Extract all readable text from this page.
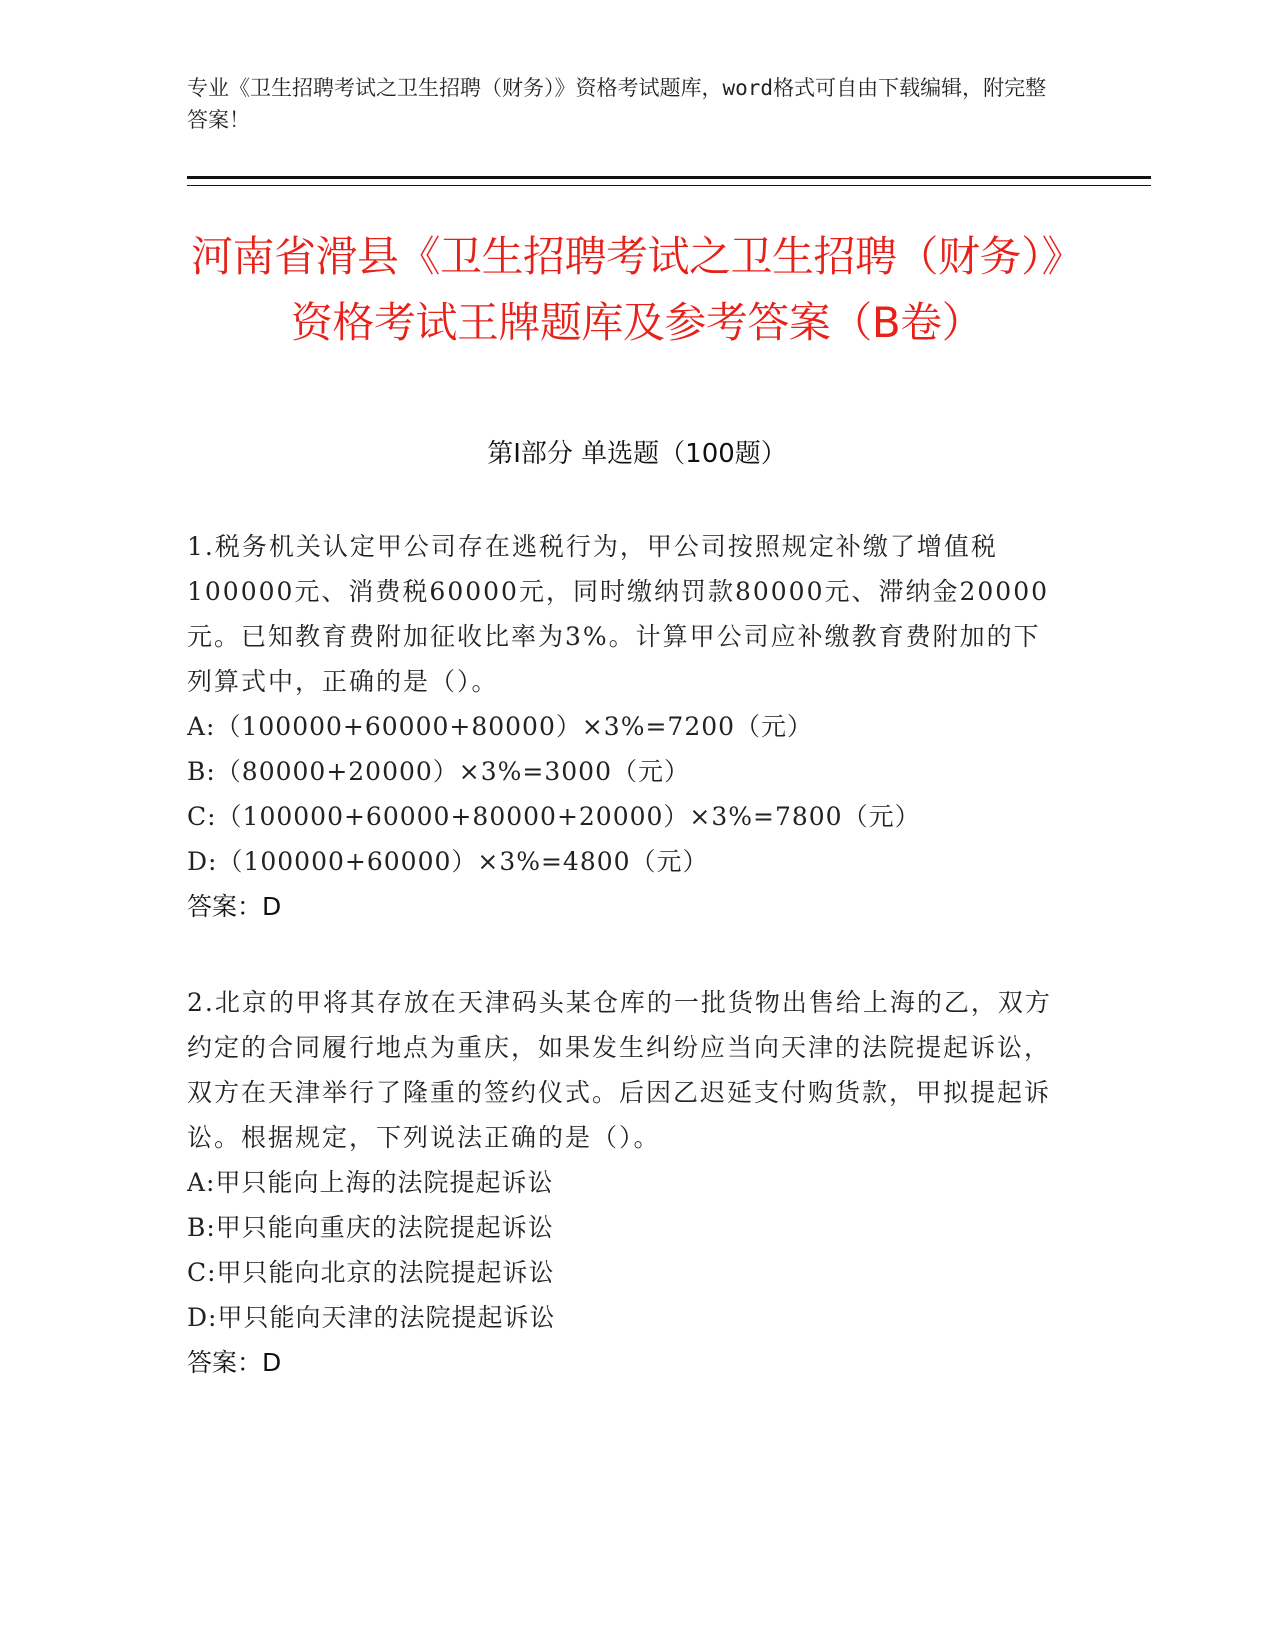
专业《卫生招聘考试之卫生招聘（财务）》资格考试题库，word格式可自由下载编辑，附完整答案！
河南省滑县《卫生招聘考试之卫生招聘（财务）》资格考试王牌题库及参考答案（B卷）
第Ⅰ部分 单选题（100题）

1.税务机关认定甲公司存在逃税行为，甲公司按照规定补缴了增值税100000元、消费税60000元，同时缴纳罚款80000元、滞纳金20000元。已知教育费附加征收比率为3%。计算甲公司应补缴教育费附加的下列算式中，正确的是（）。

A:（100000+60000+80000）×3%=7200（元）

B:（80000+20000）×3%=3000（元）

C:（100000+60000+80000+20000）×3%=7800（元）

D:（100000+60000）×3%=4800（元）

答案：D

2.北京的甲将其存放在天津码头某仓库的一批货物出售给上海的乙，双方约定的合同履行地点为重庆，如果发生纠纷应当向天津的法院提起诉讼，双方在天津举行了隆重的签约仪式。后因乙迟延支付购货款，甲拟提起诉讼。根据规定，下列说法正确的是（）。

A:甲只能向上海的法院提起诉讼

B:甲只能向重庆的法院提起诉讼

C:甲只能向北京的法院提起诉讼

D:甲只能向天津的法院提起诉讼

答案：D
